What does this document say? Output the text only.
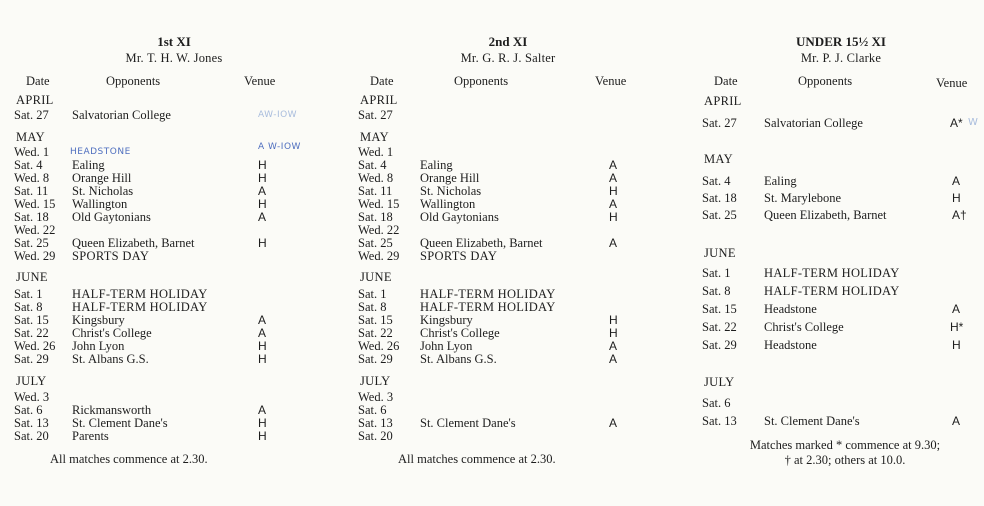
1st XI
Mr. T. H. W. Jones
Date	Opponents	Venue
APRIL
Sat. 27 Salvatorian College	AW-IOW
MAY
Wed. 1 HEADSTONE	A W-IOW
Sat. 4 Ealing	H
Wed. 8 Orange Hill	H
Sat. 11 St. Nicholas	A
Wed. 15 Wallington	H
Sat. 18 Old Gaytonians	A
Wed. 22
Sat. 25 Queen Elizabeth, Barnet	H
Wed. 29 SPORTS DAY
JUNE
Sat. 1 HALF-TERM HOLIDAY
Sat. 8 HALF-TERM HOLIDAY
Sat. 15 Kingsbury	A
Sat. 22 Christ's College	A
Wed. 26 John Lyon	H
Sat. 29 St. Albans G.S.	H
JULY
Wed. 3
Sat. 6 Rickmansworth	A
Sat. 13 St. Clement Dane's	H
Sat. 20 Parents	H
All matches commence at 2.30.
2nd XI
Mr. G. R. J. Salter
Date	Opponents	Venue
APRIL
Sat. 27
MAY
Wed. 1
Sat. 4	Ealing	A
Wed. 8 Orange Hill	A
Sat. 11 St. Nicholas	H
Wed. 15 Wallington	A
Sat. 18 Old Gaytonians	H
Wed. 22
Sat. 25 Queen Elizabeth, Barnet	A
Wed. 29 SPORTS DAY
JUNE
Sat. 1	HALF-TERM HOLIDAY
Sat. 8	HALF-TERM HOLIDAY
Sat. 15 Kingsbury	H
Sat. 22 Christ's College	H
Wed. 26 John Lyon	A
Sat. 29 St. Albans G.S.	A
JULY
Wed. 3
Sat. 6
Sat. 13 St. Clement Dane's	A
Sat. 20
All matches commence at 2.30.
UNDER 15½ XI
Mr. P. J. Clarke
Date	Opponents	Venue
APRIL
Sat. 27 Salvatorian College	A* W
MAY
Sat. 4	Ealing	A
Sat. 18 St. Marylebone	H
Sat. 25 Queen Elizabeth, Barnet	A†
JUNE
Sat. 1	HALF-TERM HOLIDAY
Sat. 8	HALF-TERM HOLIDAY
Sat. 15 Headstone	A
Sat. 22 Christ's College	H*
Sat. 29 Headstone	H
JULY
Sat. 6
Sat. 13 St. Clement Dane's	A
Matches marked * commence at 9.30;
† at 2.30; others at 10.0.
